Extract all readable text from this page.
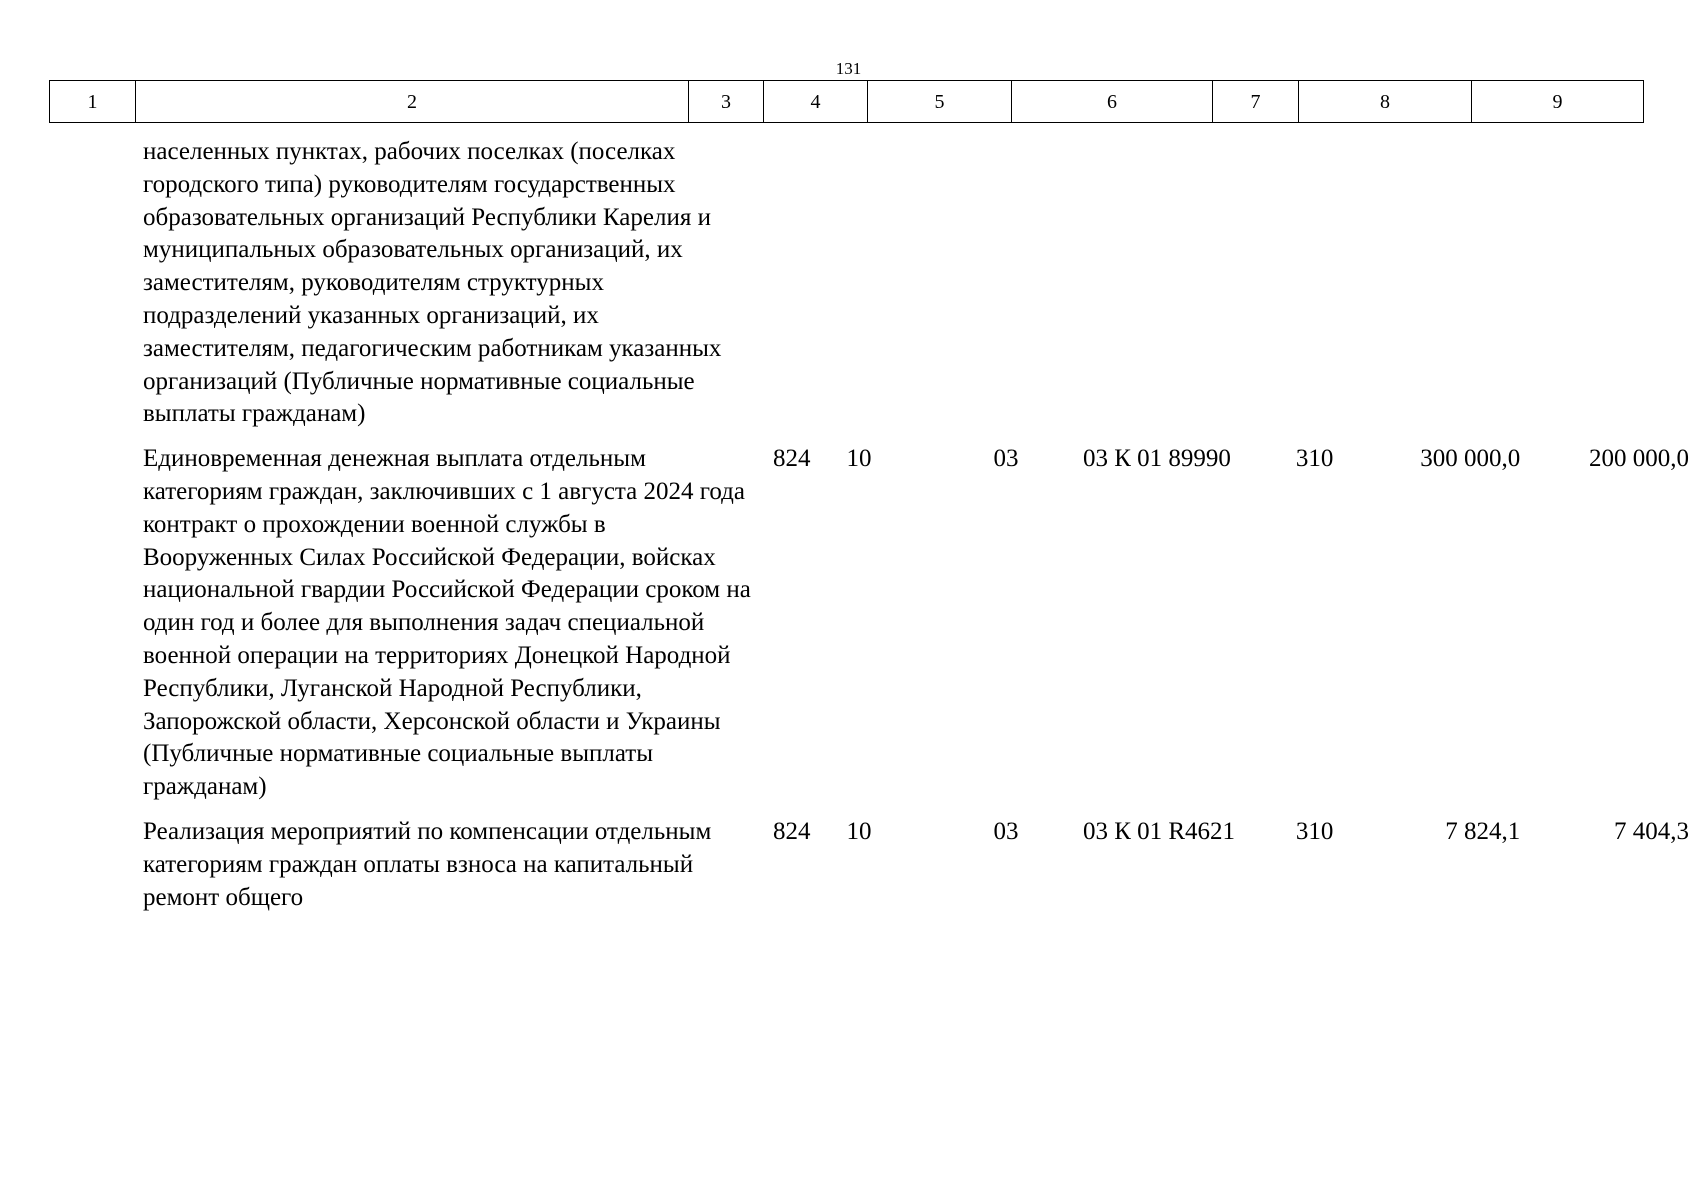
131
1	2	3	4	5	6	7	8	9
населенных пунктах, рабочих поселках (поселках городского типа) руководителям государственных образовательных организаций Республики Карелия и муниципальных образовательных организаций, их заместителям, руководителям структурных подразделений указанных организаций, их заместителям, педагогическим работникам указанных организаций (Публичные нормативные социальные выплаты гражданам)							
Единовременная денежная выплата отдельным категориям граждан, заключивших с 1 августа 2024 года контракт о прохождении военной службы в Вооруженных Силах Российской Федерации, войсках национальной гвардии Российской Федерации сроком на один год и более для выполнения задач специальной военной операции на территориях Донецкой Народной Республики, Луганской Народной Республики, Запорожской области, Херсонской области и Украины (Публичные нормативные социальные выплаты гражданам)	824	10	03	03 К 01 89990	310	300 000,0	200 000,0
Реализация мероприятий по компенсации отдельным категориям граждан оплаты взноса на капитальный ремонт общего	824	10	03	03 К 01 R4621	310	7 824,1	7 404,3
